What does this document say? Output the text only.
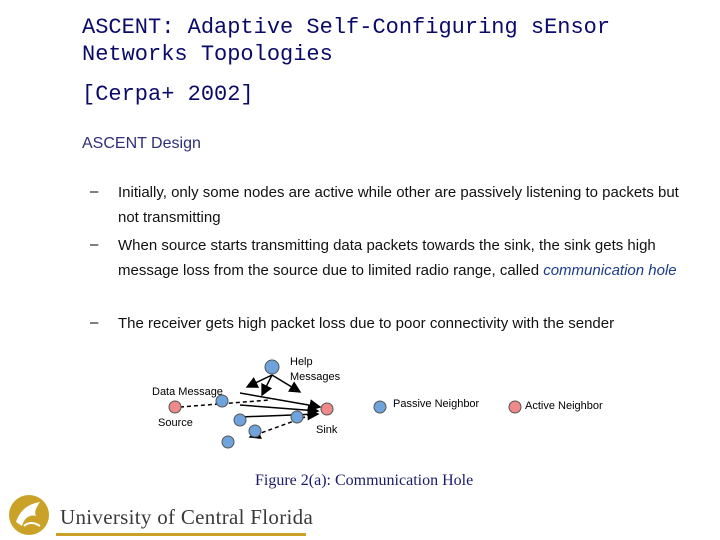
ASCENT: Adaptive Self-Configuring sEnsor
Networks Topologies
[Cerpa+ 2002]
ASCENT Design
– Initially, only some nodes are active while other are passively listening to packets but not transmitting
– When source starts transmitting data packets towards the sink, the sink gets high message loss from the source due to limited radio range, called communication hole
– The receiver gets high packet loss due to poor connectivity with the sender
Help
Messages
Data Message
Source
Sink
Passive Neighbor	Active Neighbor
Figure 2(a): Communication Hole
University of Central Florida
